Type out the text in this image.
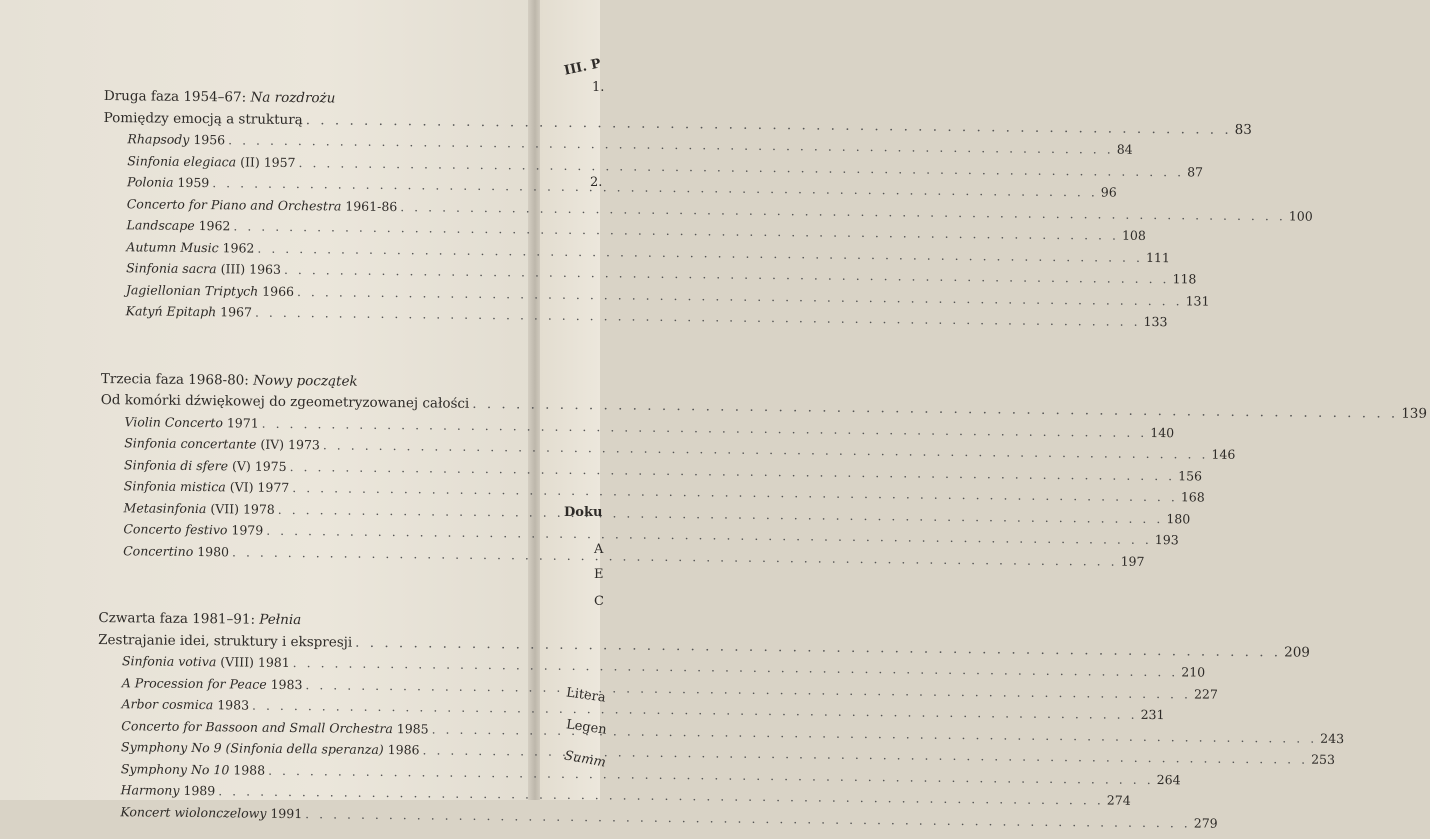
III. P
1.
2.
Doku
A
E
C
Litera
Legen
Summ
Druga faza 1954–67: Na rozdrożu
Pomiędzy emocją a strukturą
. . .
83
Rhapsody 1956
. . .
84
Sinfonia elegiaca (II) 1957
. . .
87
Polonia 1959
. . .
96
Concerto for Piano and Orchestra 1961-86
. . .
100
Landscape 1962
. . .
108
Autumn Music 1962
. . .
111
Sinfonia sacra (III) 1963
. . .
118
Jagiellonian Triptych 1966
. . .
131
Katyń Epitaph 1967
. . .
133
Trzecia faza 1968-80: Nowy początek
Od komórki dźwiękowej do zgeometryzowanej całości
. . .
139
Violin Concerto 1971
. . .
140
Sinfonia concertante (IV) 1973
. . .
146
Sinfonia di sfere (V) 1975
. . .
156
Sinfonia mistica (VI) 1977
. . .
168
Metasinfonia (VII) 1978
. . .
180
Concerto festivo 1979
. . .
193
Concertino 1980
. . .
197
Czwarta faza 1981–91: Pełnia
Zestrajanie idei, struktury i ekspresji
. . .
209
Sinfonia votiva (VIII) 1981
. . .
210
A Procession for Peace 1983
. . .
227
Arbor cosmica 1983
. . .
231
Concerto for Bassoon and Small Orchestra 1985
. . .
243
Symphony No 9 (Sinfonia della speranza) 1986
. . .
253
Symphony No 10 1988
. . .
264
Harmony 1989
. . .
274
Koncert wiolonczelowy 1991
. . .
279
